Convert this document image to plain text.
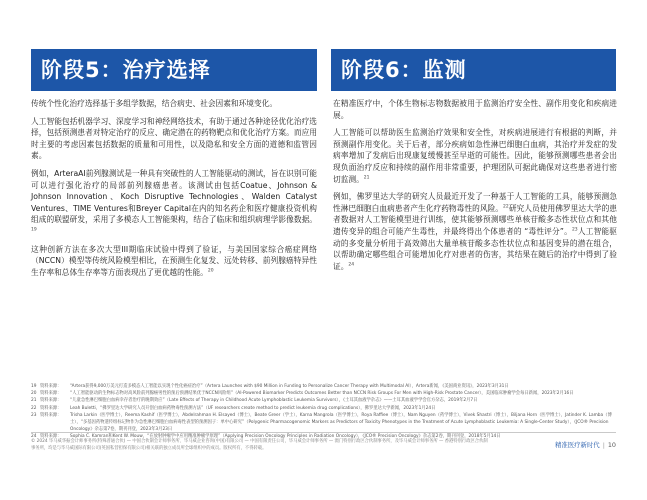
阶段5：治疗选择	阶段6：监测

传统个性化治疗选择基于多组学数据，结合病史、社会因素和环境变化。

人工智能包括机器学习、深度学习和神经网络技术，有助于通过各种途径优化治疗选择，包括预测患者对特定治疗的反应、确定潜在的药物靶点和优化治疗方案。而应用时主要的考虑因素包括数据的质量和可用性，以及隐私和安全方面的道德和监管因素。

例如，ArteraAI前列腺测试是一种具有突破性的人工智能驱动的测试，旨在识别可能可以进行强化治疗的局部前列腺癌患者。该测试由包括Coatue、Johnson & Johnson Innovation、Koch Disruptive Technologies、Walden Catalyst Ventures、TIME Ventures和Breyer Capital在内的知名药企和医疗健康投资机构组成的联盟研发，采用了多模态人工智能架构，结合了临床和组织病理学影像数据。$^{19}$

这种创新方法在多次大型III期临床试验中得到了验证，与美国国家综合癌症网络（NCCN）模型等传统风险模型相比，在预测生化复发、远处转移、前列腺癌特异性生存率和总体生存率等方面表现出了更优越的性能。$^{20}$

在精准医疗中，个体生物标志物数据被用于监测治疗安全性、副作用变化和疾病进展。

人工智能可以帮助医生监测治疗效果和安全性，对疾病进展进行有根据的判断，并预测副作用变化。关于后者，部分疾病如急性淋巴细胞白血病，其治疗并发症的发病率增加了发病后出现康复缓慢甚至早逝的可能性。因此，能够预测哪些患者会出现负面治疗反应和持续的副作用非常重要，护理团队可据此确保对这些患者进行密切监测。$^{21}$

例如，佛罗里达大学的研究人员最近开发了一种基于人工智能的工具，能够预测急性淋巴细胞白血病患者产生化疗药物毒性的风险。$^{22}$研究人员使用佛罗里达大学的患者数据对人工智能模型进行训练，使其能够预测哪些单核苷酸多态性状位点和其他遗传变异的组合可能产生毒性，并最终得出个体患者的 “毒性评分”。$^{23}$人工智能驱动的多变量分析用于高效筛出大量单核苷酸多态性状位点和基因变异的潜在组合，以帮助确定哪些组合可能增加化疗对患者的伤害，其结果在随后的治疗中得到了验证。$^{24}$

19 资料来源：	“Artera获得9,000万美元打造多模态人工智能以实现个性化癌症治疗”（Artera Launches with $90 Million in Funding to Personalize Cancer Therapy with Multimodal AI），Artera新闻，《美国商业资讯》，2023年3月31日
20 资料来源：	“人工智能驱动的生物标志物对高风险前列腺癌男性的预后预测结果优于NCCN风险组”（AI-Powered Biomarker Predicts Outcomes Better than NCCN Risk Groups For Men with High-Risk Prostate Cancer），美国临床肿瘤学会每日新闻，2023年2月16日
21 资料来源：	“儿童急性淋巴细胞白血病幸存者治疗的晚期效应”（Late Effects of Therapy in Childhood Acute Lymphoblastic Leukemia Survivors），《土耳其血液学杂志》——土耳其血液学学会官方杂志，2019年2月7日
22 资料来源：	Leah Buletti，“佛罗里达大学研究人员开创白血病药物毒性预测方法”（UF researchers create method to predict leukemia drug complications），佛罗里达大学新闻，2023年1月24日
23 资料来源：	Trisha Larkin（医学博士），Reema Kashif（医学博士），Abdelrahman H. Elsayed（博士），Beate Greer（学士），Karna Mangrola（医学博士），Roya Raffiee（博士），Nam Nguyen（药学博士），Vivek Shastri（博士），Biljana Horn（医学博士），Jatinder K. Lamba（博士），“多基因药物遗传组标记物作为急性淋巴细胞白血病毒性表型的预测因子：单中心研究”（Polygenic Pharmacogenomic Markers as Predictors of Toxicity Phenotypes in the Treatment of Acute Lymphoblastic Leukemia: A Single-Center Study），《JCO® Precision Oncology》杂志第7卷，期刊刊登，2023年3月23日
24 资料来源：	Sophia C. Kamran和Kent W. Mouw，“在放射肿瘤学中应用精准肿瘤学原理”（Applying Precision Oncology Principles in Radiation Oncology），《JCO® Precision Oncology》杂志第2卷，期刊刊登，2018年5月14日
© 2024 毕马威华振会计师事务所(特殊普通合伙) — 中国合伙制会计师事务所、毕马威企业咨询(中国)有限公司 — 中国有限责任公司，毕马威会计师事务所 — 澳门特别行政区合伙制事务所，及毕马威会计师事务所 — 香港特别行政区合伙制事务所，均是与毕马威国际有限公司(英国私营担保有限公司)相关联的独立成员所全球组织中的成员。版权所有，不得转载。	精准医疗新时代 | 10
